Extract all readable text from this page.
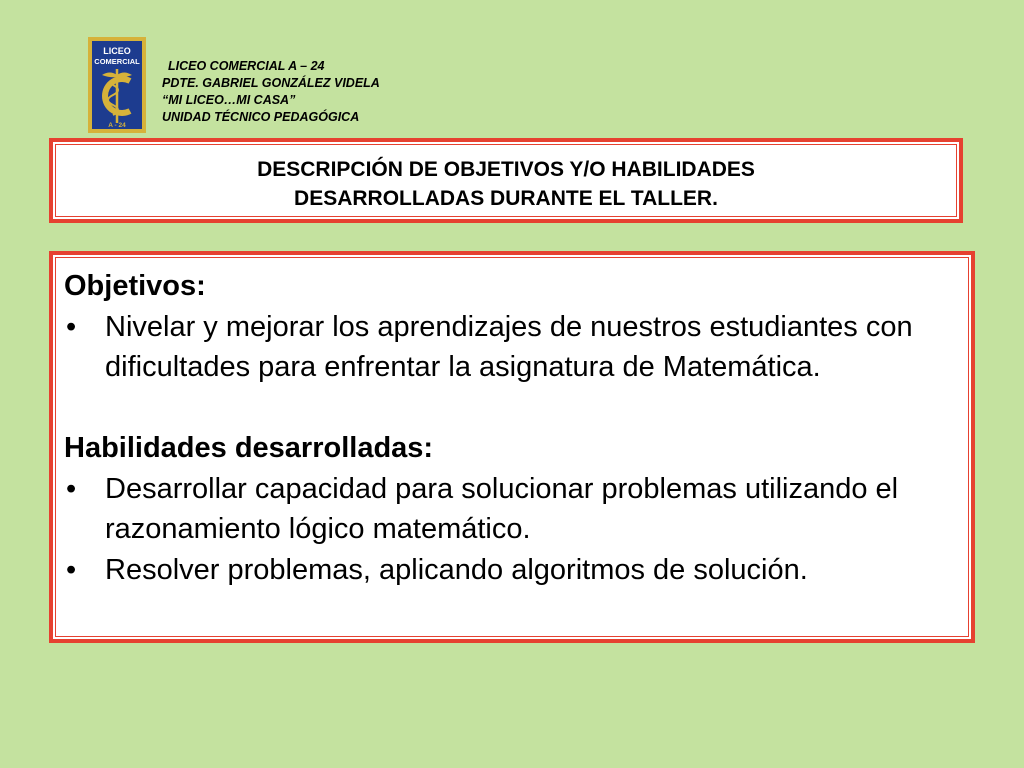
LICEO
COMERCIAL
A - 24
LICEO COMERCIAL A – 24
PDTE. GABRIEL GONZÁLEZ VIDELA
“MI LICEO…MI CASA”
UNIDAD TÉCNICO PEDAGÓGICA
DESCRIPCIÓN DE OBJETIVOS Y/O HABILIDADES
DESARROLLADAS DURANTE EL TALLER.
Objetivos:
• Nivelar y mejorar los aprendizajes de nuestros estudiantes con dificultades para enfrentar la asignatura de Matemática.
Habilidades desarrolladas:
• Desarrollar capacidad para solucionar problemas utilizando el razonamiento lógico matemático.
• Resolver problemas, aplicando algoritmos de solución.
